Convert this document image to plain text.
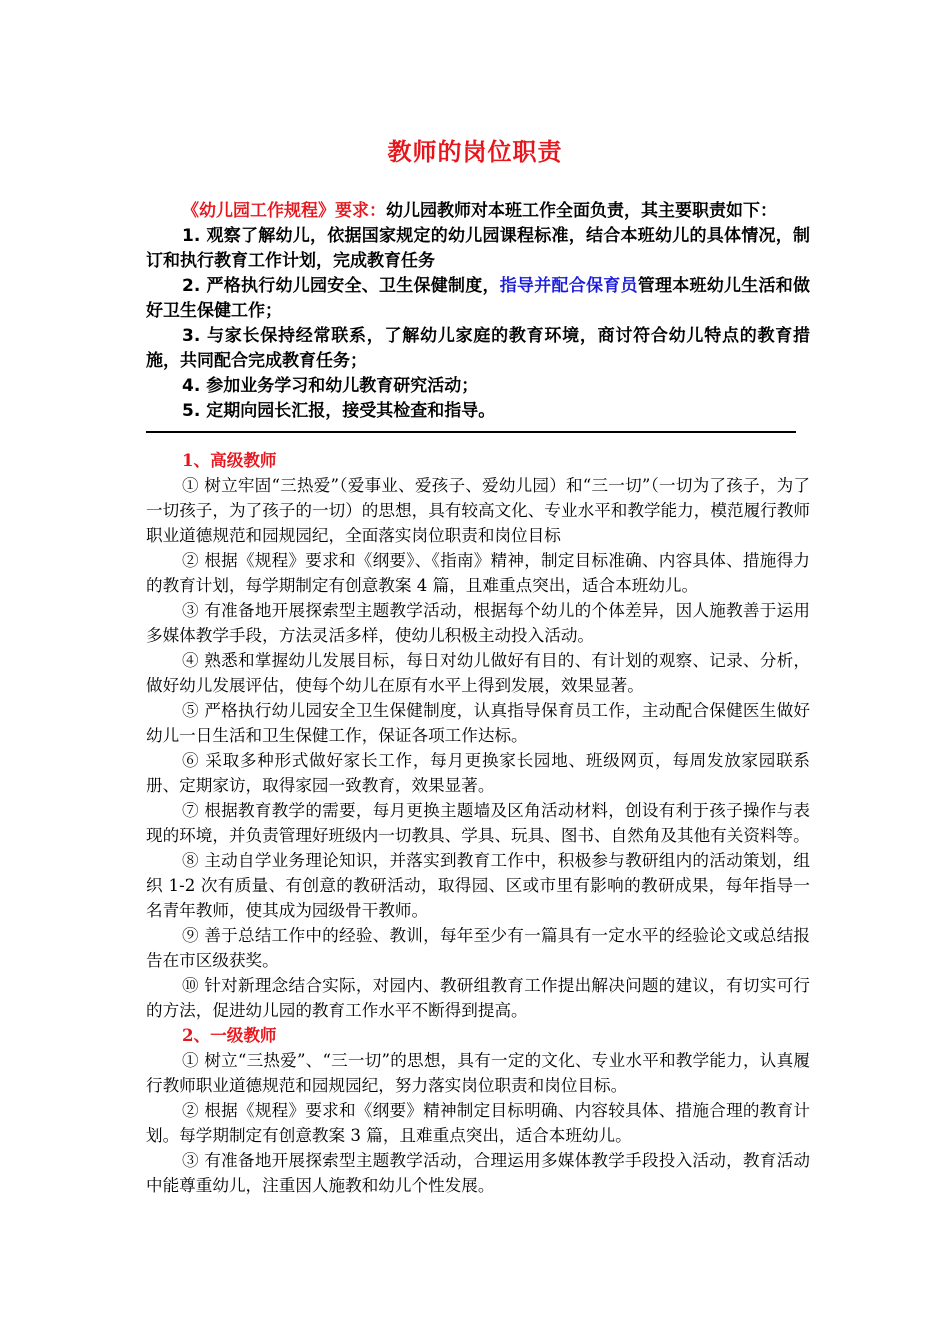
教师的岗位职责

《幼儿园工作规程》要求：幼儿园教师对本班工作全面负责，其主要职责如下：

1. 观察了解幼儿，依据国家规定的幼儿园课程标准，结合本班幼儿的具体情况，制订和执行教育工作计划，完成教育任务

2. 严格执行幼儿园安全、卫生保健制度，指导并配合保育员管理本班幼儿生活和做好卫生保健工作；

3. 与家长保持经常联系，了解幼儿家庭的教育环境，商讨符合幼儿特点的教育措施，共同配合完成教育任务；

4. 参加业务学习和幼儿教育研究活动；

5. 定期向园长汇报，接受其检查和指导。

1、高级教师

① 树立牢固“三热爱”（爱事业、爱孩子、爱幼儿园）和“三一切”（一切为了孩子，为了一切孩子，为了孩子的一切）的思想，具有较高文化、专业水平和教学能力，模范履行教师职业道德规范和园规园纪，全面落实岗位职责和岗位目标

② 根据《规程》要求和《纲要》、《指南》精神，制定目标准确、内容具体、措施得力的教育计划，每学期制定有创意教案 4 篇，且难重点突出，适合本班幼儿。

③ 有准备地开展探索型主题教学活动，根据每个幼儿的个体差异，因人施教善于运用多媒体教学手段，方法灵活多样，使幼儿积极主动投入活动。

④ 熟悉和掌握幼儿发展目标，每日对幼儿做好有目的、有计划的观察、记录、分析，做好幼儿发展评估，使每个幼儿在原有水平上得到发展，效果显著。

⑤ 严格执行幼儿园安全卫生保健制度，认真指导保育员工作，主动配合保健医生做好幼儿一日生活和卫生保健工作，保证各项工作达标。

⑥ 采取多种形式做好家长工作，每月更换家长园地、班级网页，每周发放家园联系册、定期家访，取得家园一致教育，效果显著。

⑦ 根据教育教学的需要，每月更换主题墙及区角活动材料，创设有利于孩子操作与表现的环境，并负责管理好班级内一切教具、学具、玩具、图书、自然角及其他有关资料等。

⑧ 主动自学业务理论知识，并落实到教育工作中，积极参与教研组内的活动策划，组织 1-2 次有质量、有创意的教研活动，取得园、区或市里有影响的教研成果，每年指导一名青年教师，使其成为园级骨干教师。

⑨ 善于总结工作中的经验、教训，每年至少有一篇具有一定水平的经验论文或总结报告在市区级获奖。

⑩ 针对新理念结合实际，对园内、教研组教育工作提出解决问题的建议，有切实可行的方法，促进幼儿园的教育工作水平不断得到提高。

2、一级教师

① 树立“三热爱”、“三一切”的思想，具有一定的文化、专业水平和教学能力，认真履行教师职业道德规范和园规园纪，努力落实岗位职责和岗位目标。

② 根据《规程》要求和《纲要》精神制定目标明确、内容较具体、措施合理的教育计划。每学期制定有创意教案 3 篇，且难重点突出，适合本班幼儿。

③ 有准备地开展探索型主题教学活动，合理运用多媒体教学手段投入活动，教育活动中能尊重幼儿，注重因人施教和幼儿个性发展。
